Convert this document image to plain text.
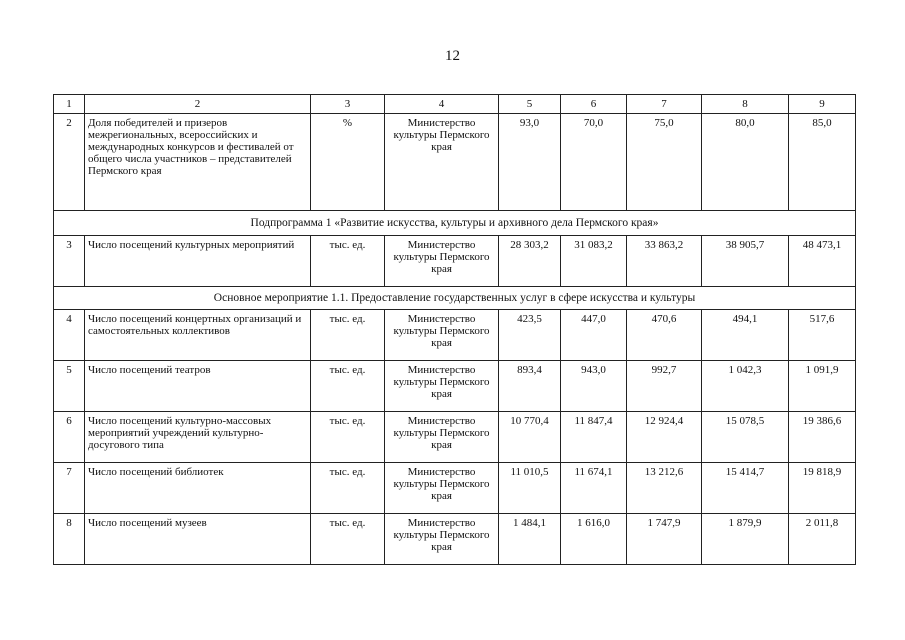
12
1	2	3	4	5	6	7	8	9
2	Доля победителей и призеров межрегиональных, всероссийских и международных конкурсов и фестивалей от общего числа участников – представителей Пермского края	%	Министерство культуры Пермского края	93,0	70,0	75,0	80,0	85,0
Подпрограмма 1 «Развитие искусства, культуры и архивного дела Пермского края»								
3	Число посещений культурных мероприятий	тыс. ед.	Министерство культуры Пермского края	28 303,2	31 083,2	33 863,2	38 905,7	48 473,1
Основное мероприятие 1.1. Предоставление государственных услуг в сфере искусства и культуры								
4	Число посещений концертных организаций и самостоятельных коллективов	тыс. ед.	Министерство культуры Пермского края	423,5	447,0	470,6	494,1	517,6
5	Число посещений театров	тыс. ед.	Министерство культуры Пермского края	893,4	943,0	992,7	1 042,3	1 091,9
6	Число посещений культурно-массовых мероприятий учреждений культурно-досугового типа	тыс. ед.	Министерство культуры Пермского края	10 770,4	11 847,4	12 924,4	15 078,5	19 386,6
7	Число посещений библиотек	тыс. ед.	Министерство культуры Пермского края	11 010,5	11 674,1	13 212,6	15 414,7	19 818,9
8	Число посещений музеев	тыс. ед.	Министерство культуры Пермского края	1 484,1	1 616,0	1 747,9	1 879,9	2 011,8
